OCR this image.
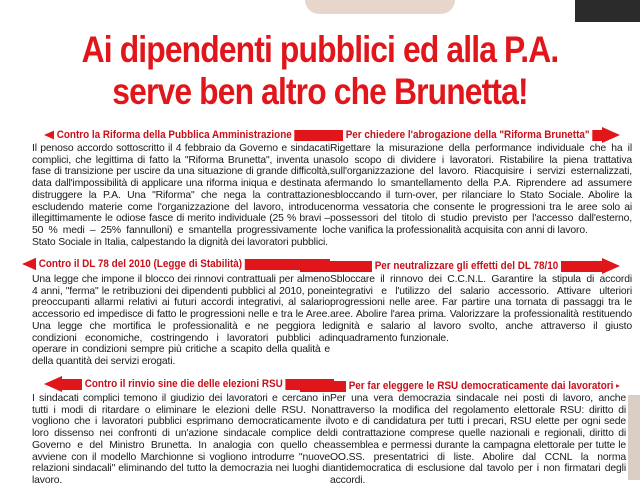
Ai dipendenti pubblici ed alla P.A.
serve ben altro che Brunetta!
Contro la Riforma della Pubblica Amministrazione	Per chiedere l'abrogazione della "Riforma Brunetta"

Il penoso accordo sottoscritto il 4 febbraio da Governo e sindacati complici, che legittima di fatto la "Riforma Brunetta", inventa una fase di transizione per uscire da una situazione di grande difficoltà, data dall'impossibilità di applicare una riforma iniqua e destinata a distruggere la P.A. Una "Riforma" che nega la contrattazione escludendo materie come l'organizzazione del lavoro, introduce illegittimamente le odiose fasce di merito individuale (25 % bravi – 50 % medi – 25% fannulloni) e smantella progressivamente lo Stato Sociale in Italia, calpestando la dignità dei lavoratori pubblici.

Rigettare la misurazione della performance individuale che ha il solo scopo di dividere i lavoratori. Ristabilire la piena trattativa sull'organizzazione del lavoro. Riacquisire i servizi esternalizzati, fermando lo smantellamento della P.A. Riprendere ad assumere sbloccando il turn-over, per rilanciare lo Stato Sociale. Abolire la norma vessatoria che consente le progressioni tra le aree solo ai possessori del titolo di studio previsto per l'accesso dall'esterno, che vanifica la professionalità acquisita con anni di lavoro.

Contro il DL 78 del 2010 (Legge di Stabilità)	Per neutralizzare gli effetti del DL 78/10

Una legge che impone il blocco dei rinnovi contrattuali per almeno 4 anni, "ferma" le retribuzioni dei dipendenti pubblici al 2010, pone preoccupanti allarmi relativi ai futuri accordi integrativi, al salario accessorio ed impedisce di fatto le progressioni nelle e tra le Aree. Una legge che mortifica le professionalità e ne peggiora le condizioni economiche, costringendo i lavoratori pubblici ad operare in condizioni sempre più critiche a scapito della qualità e della quantità dei servizi erogati.

Sbloccare il rinnovo dei C.C.N.L. Garantire la stipula di accordi integrativi e l'utilizzo del salario accessorio. Attivare ulteriori progressioni nelle aree. Far partire una tornata di passaggi tra le aree. Abolire l'area prima. Valorizzare la professionalità restituendo dignità e salario al lavoro svolto, anche attraverso il giusto inquadramento funzionale.

Contro il rinvio sine die delle elezioni RSU	Per far eleggere le RSU democraticamente dai lavoratori

I sindacati complici temono il giudizio dei lavoratori e cercano in tutti i modi di ritardare o eliminare le elezioni delle RSU. Non vogliono che i lavoratori pubblici esprimano democraticamente il loro dissenso nei confronti di un'azione sindacale complice del Governo e del Ministro Brunetta. In analogia con quello che avviene con il modello Marchionne si vogliono introdurre "nuove relazioni sindacali" eliminando del tutto la democrazia nei luoghi di lavoro.

Per una vera democrazia sindacale nei posti di lavoro, anche attraverso la modifica del regolamento elettorale RSU: diritto di voto e di candidatura per tutti i precari, RSU elette per ogni sede di contrattazione comprese quelle nazionali e regionali, diritto di assemblea e permessi durante la campagna elettorale per tutte le OO.SS. presentatrici di liste. Abolire dal CCNL la norma antidemocratica di esclusione dal tavolo per i non firmatari degli accordi.
